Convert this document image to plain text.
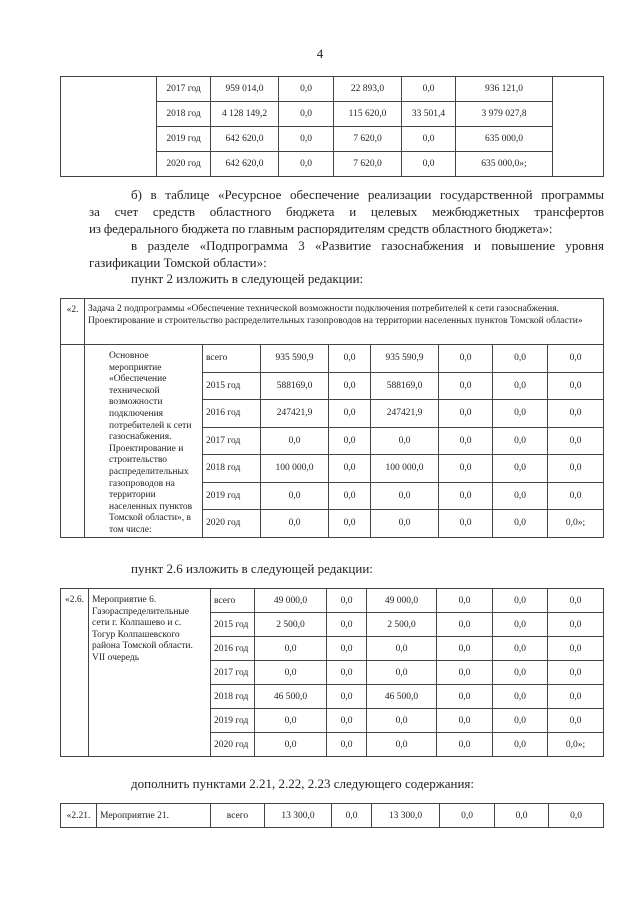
4
	2017 год	959 014,0	0,0	22 893,0	0,0	936 121,0	
	2018 год	4 128 149,2	0,0	115 620,0	33 501,4	3 979 027,8	
	2019 год	642 620,0	0,0	7 620,0	0,0	635 000,0	
	2020 год	642 620,0	0,0	7 620,0	0,0	635 000,0»;	

б) в таблице «Ресурсное обеспечение реализации государственной программы

за счет средств областного бюджета и целевых межбюджетных трансфертов

из федерального бюджета по главным распорядителям средств областного бюджета»:

в разделе «Подпрограмма 3 «Развитие газоснабжения и повышение уровня

газификации Томской области»:

пункт 2 изложить в следующей редакции:

«2.	Задача 2 подпрограммы «Обеспечение технической возможности подключения потребителей к сети газоснабжения. Проектирование и строительство распределительных газопроводов на территории населенных пунктов Томской области»							
	Основное мероприятие «Обеспечение технической возможности подключения потребителей к сети газоснабжения. Проектирование и строительство распределительных газопроводов на территории населенных пунктов Томской области», в том числе:	всего	935 590,9	0,0	935 590,9	0,0	0,0	0,0
		2015 год	588169,0	0,0	588169,0	0,0	0,0	0,0
		2016 год	247421,9	0,0	247421,9	0,0	0,0	0,0
		2017 год	0,0	0,0	0,0	0,0	0,0	0,0
		2018 год	100 000,0	0,0	100 000,0	0,0	0,0	0,0
		2019 год	0,0	0,0	0,0	0,0	0,0	0,0
		2020 год	0,0	0,0	0,0	0,0	0,0	0,0»;

пункт 2.6 изложить в следующей редакции:

«2.6.	Мероприятие 6. Газораспределительные сети г. Колпашево и с. Тогур Колпашевского района Томской области. VII очередь	всего	49 000,0	0,0	49 000,0	0,0	0,0	0,0
		2015 год	2 500,0	0,0	2 500,0	0,0	0,0	0,0
		2016 год	0,0	0,0	0,0	0,0	0,0	0,0
		2017 год	0,0	0,0	0,0	0,0	0,0	0,0
		2018 год	46 500,0	0,0	46 500,0	0,0	0,0	0,0
		2019 год	0,0	0,0	0,0	0,0	0,0	0,0
		2020 год	0,0	0,0	0,0	0,0	0,0	0,0»;

дополнить пунктами 2.21, 2.22, 2.23 следующего содержания:

«2.21.	Мероприятие 21.	всего	13 300,0	0,0	13 300,0	0,0	0,0	0,0
